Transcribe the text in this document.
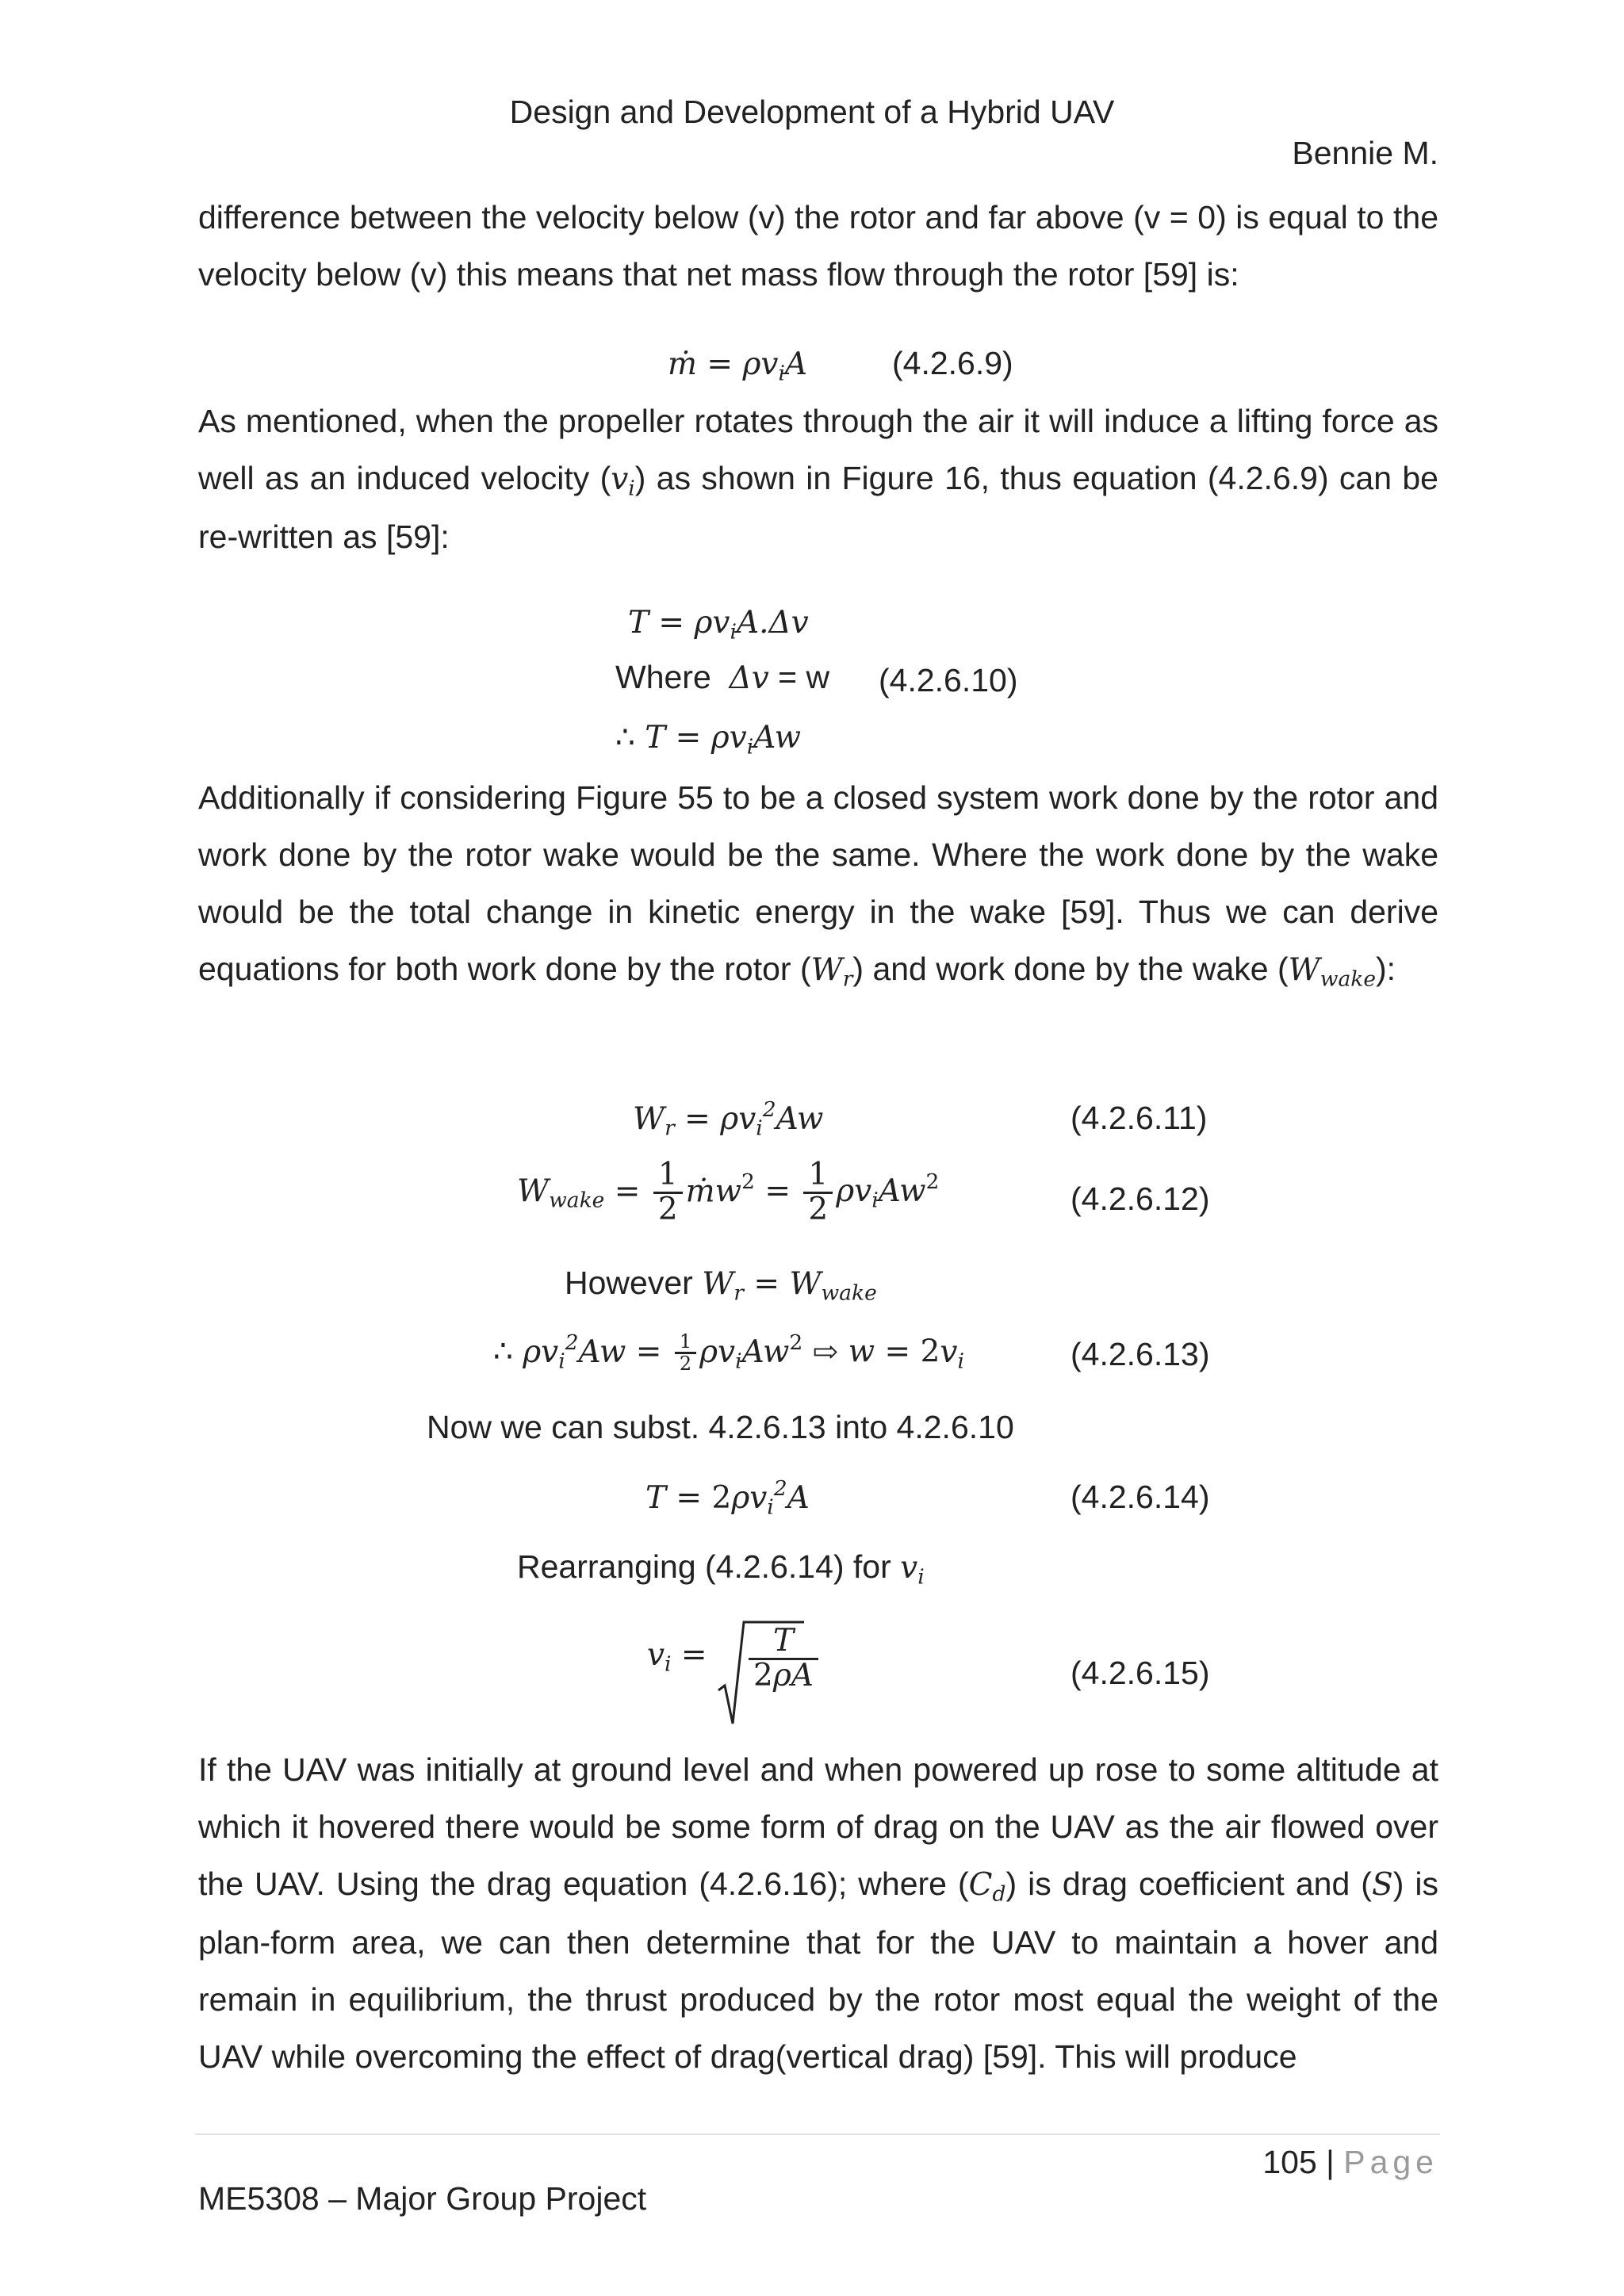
Design and Development of a Hybrid UAV
Bennie M.
difference between the velocity below (v) the rotor and far above (v = 0) is equal to the velocity below (v) this means that net mass flow through the rotor [59] is:
ṁ = $\rho v_iA$	(4.2.6.9)
As mentioned, when the propeller rotates through the air it will induce a lifting force as well as an induced velocity $(v_i)$ as shown in Figure 16, thus equation (4.2.6.9) can be re-written as [59]:
$T = \rho v_iA.\Delta v$
Where Δv = w (4.2.6.10)
∴ $T = \rho v_iAw$
Additionally if considering Figure 55 to be a closed system work done by the rotor and work done by the rotor wake would be the same. Where the work done by the wake would be the total change in kinetic energy in the wake [59]. Thus we can derive equations for both work done by the rotor $(W_r)$ and work done by the wake $(W_{wake})$:
$W_r = \rho v_i^2Aw$	(4.2.6.11)
$W_{wake} = \frac{1}{2}$ ṁw$^2$ = $\frac{1}{2} \rho v_iAw^2$	(4.2.6.12)
However $W_r = W_{wake}$
∴ $\rho v_i^2Aw = \frac{1}{2} \rho v_iAw^2$ ⇨ $w = 2v_i$	(4.2.6.13)
Now we can subst. 4.2.6.13 into 4.2.6.10
$T = 2\rho v_i^2A$	(4.2.6.14)
Rearranging (4.2.6.14) for $v_i$
$v_i = \frac{T}{2\rho A}$	(4.2.6.15)
If the UAV was initially at ground level and when powered up rose to some altitude at which it hovered there would be some form of drag on the UAV as the air flowed over the UAV. Using the drag equation (4.2.6.16); where $(C_d)$ is drag coefficient and (S) is plan-form area, we can then determine that for the UAV to maintain a hover and remain in equilibrium, the thrust produced by the rotor most equal the weight of the UAV while overcoming the effect of drag(vertical drag) [59]. This will produce
105 | Page
ME5308 – Major Group Project
